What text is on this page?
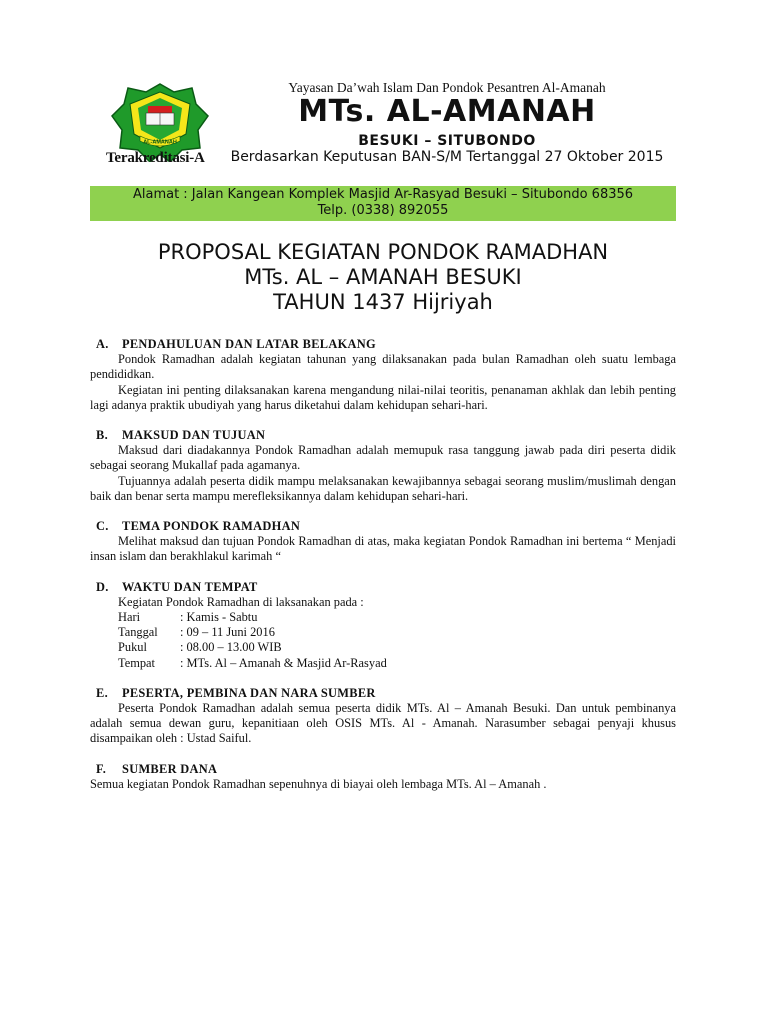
AL-AMANAH
Terakreditasi-A
Yayasan Da’wah Islam Dan Pondok Pesantren Al-Amanah
MTs. AL-AMANAH
BESUKI – SITUBONDO
Berdasarkan Keputusan BAN-S/M Tertanggal 27 Oktober 2015
Alamat : Jalan Kangean Komplek Masjid Ar-Rasyad Besuki – Situbondo 68356
Telp. (0338) 892055
PROPOSAL KEGIATAN PONDOK RAMADHAN
MTs. AL – AMANAH BESUKI
TAHUN 1437 Hijriyah
A. PENDAHULUAN DAN LATAR BELAKANG

Pondok Ramadhan adalah kegiatan tahunan yang dilaksanakan pada bulan Ramadhan oleh suatu lembaga pendididkan.

Kegiatan ini penting dilaksanakan karena mengandung nilai-nilai teoritis, penanaman akhlak dan lebih penting lagi adanya praktik ubudiyah yang harus diketahui dalam kehidupan sehari-hari.

B. MAKSUD DAN TUJUAN

Maksud dari diadakannya Pondok Ramadhan adalah memupuk rasa tanggung jawab pada diri peserta didik sebagai seorang Mukallaf pada agamanya.

Tujuannya adalah peserta didik mampu melaksanakan kewajibannya sebagai seorang muslim/muslimah dengan baik dan benar serta mampu merefleksikannya dalam kehidupan sehari-hari.

C. TEMA PONDOK RAMADHAN

Melihat maksud dan tujuan Pondok Ramadhan di atas, maka kegiatan Pondok Ramadhan ini bertema “ Menjadi insan islam dan berakhlakul karimah “

D. WAKTU DAN TEMPAT

Kegiatan Pondok Ramadhan di laksanakan pada :

Hari	: Kamis - Sabtu
Tanggal	: 09 – 11 Juni 2016
Pukul	: 08.00 – 13.00 WIB
Tempat	: MTs. Al – Amanah & Masjid Ar-Rasyad
E. PESERTA, PEMBINA DAN NARA SUMBER

Peserta Pondok Ramadhan adalah semua peserta didik MTs. Al – Amanah Besuki. Dan untuk pembinanya adalah semua dewan guru, kepanitiaan oleh OSIS MTs. Al - Amanah. Narasumber sebagai penyaji khusus disampaikan oleh : Ustad Saiful.

F. SUMBER DANA

Semua kegiatan Pondok Ramadhan sepenuhnya di biayai oleh lembaga MTs. Al – Amanah .
